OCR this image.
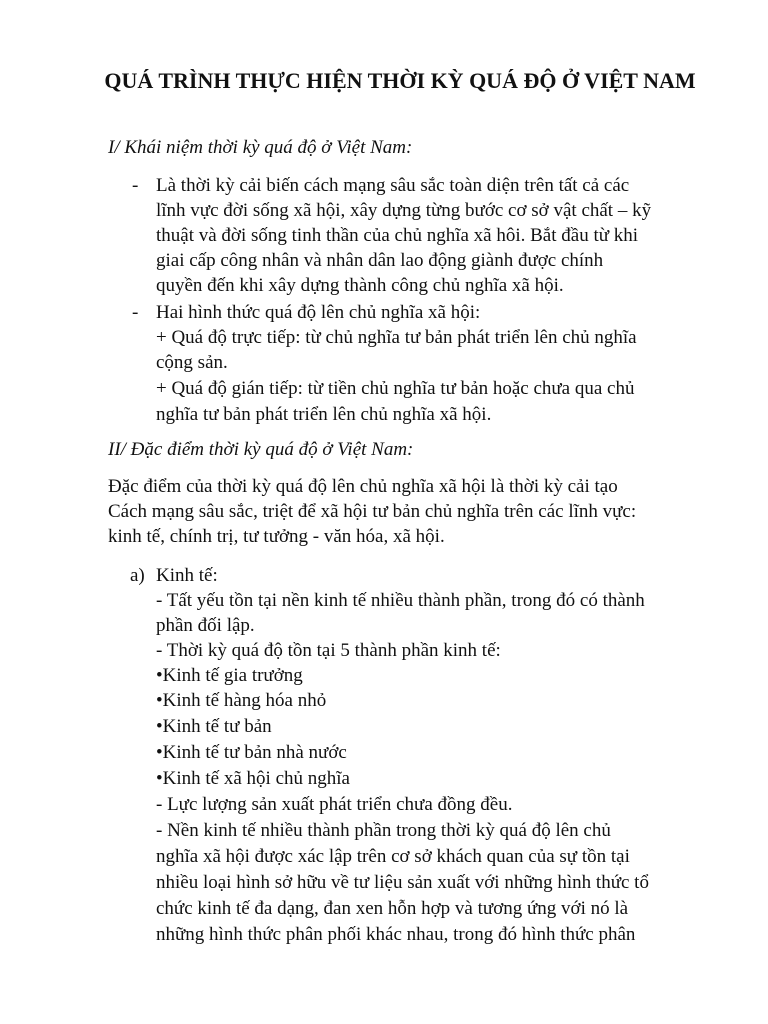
QUÁ TRÌNH THỰC HIỆN THỜI KỲ QUÁ ĐỘ Ở VIỆT NAM
I/ Khái niệm thời kỳ quá độ ở Việt Nam:
- Là thời kỳ cải biến cách mạng sâu sắc toàn diện trên tất cả các
lĩnh vực đời sống xã hội, xây dựng từng bước cơ sở vật chất – kỹ
thuật và đời sống tinh thần của chủ nghĩa xã hôi. Bắt đầu từ khi
giai cấp công nhân và nhân dân lao động giành được chính
quyền đến khi xây dựng thành công chủ nghĩa xã hội.
- Hai hình thức quá độ lên chủ nghĩa xã hội:
+ Quá độ trực tiếp: từ chủ nghĩa tư bản phát triển lên chủ nghĩa
cộng sản.
+ Quá độ gián tiếp: từ tiền chủ nghĩa tư bản hoặc chưa qua chủ
nghĩa tư bản phát triển lên chủ nghĩa xã hội.
II/ Đặc điểm thời kỳ quá độ ở Việt Nam:
Đặc điểm của thời kỳ quá độ lên chủ nghĩa xã hội là thời kỳ cải tạo
Cách mạng sâu sắc, triệt để xã hội tư bản chủ nghĩa trên các lĩnh vực:
kinh tế, chính trị, tư tưởng - văn hóa, xã hội.
a) Kinh tế:
- Tất yếu tồn tại nền kinh tế nhiều thành phần, trong đó có thành
phần đối lập.
- Thời kỳ quá độ tồn tại 5 thành phần kinh tế:
•Kinh tế gia trưởng
•Kinh tế hàng hóa nhỏ
•Kinh tế tư bản
•Kinh tế tư bản nhà nước
•Kinh tế xã hội chủ nghĩa
- Lực lượng sản xuất phát triển chưa đồng đều.
- Nền kinh tế nhiều thành phần trong thời kỳ quá độ lên chủ
nghĩa xã hội được xác lập trên cơ sở khách quan của sự tồn tại
nhiều loại hình sở hữu về tư liệu sản xuất với những hình thức tổ
chức kinh tế đa dạng, đan xen hỗn hợp và tương ứng với nó là
những hình thức phân phối khác nhau, trong đó hình thức phân
